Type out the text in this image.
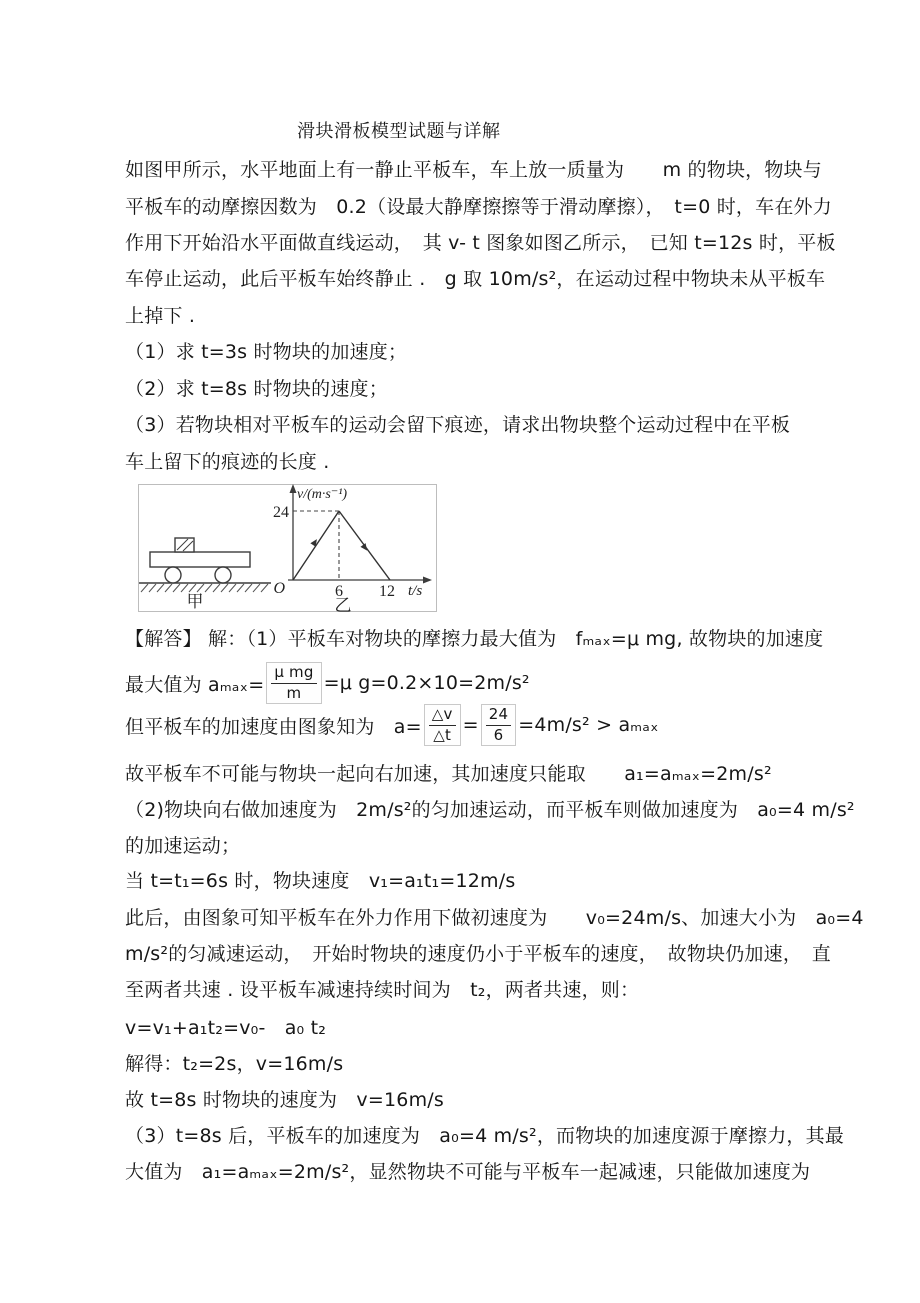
滑块滑板模型试题与详解
如图甲所示，水平地面上有一静止平板车，车上放一质量为　　m 的物块，物块与
平板车的动摩擦因数为　0.2（设最大静摩擦擦等于滑动摩擦），　t=0 时，车在外力
作用下开始沿水平面做直线运动，　其 v- t 图象如图乙所示，　已知 t=12s 时，平板
车停止运动，此后平板车始终静止 .　g 取 10m/s²，在运动过程中物块未从平板车
上掉下 .
（1）求 t=3s 时物块的加速度；
（2）求 t=8s 时物块的速度；
（3）若物块相对平板车的运动会留下痕迹，请求出物块整个运动过程中在平板
车上留下的痕迹的长度 .
甲
v/(m·s⁻¹)
24
O	6 12 t/s
乙
【解答】 解：（1）平板车对物块的摩擦力最大值为　fₘₐₓ=μ mg, 故物块的加速度
最大值为 $a_{max}= \frac{\text{μ mg}}{m} =\mu$ g=0.2×10=2m/s²
但平板车的加速度由图象知为　$a= \frac{\triangle v}{\triangle t} = \frac{24}{6} =4m/s^2 > a_{max}$
故平板车不可能与物块一起向右加速，其加速度只能取　　a₁=aₘₐₓ=2m/s²
（2)物块向右做加速度为　2m/s²的匀加速运动，而平板车则做加速度为　a₀=4 m/s²
的加速运动；
当 t=t₁=6s 时，物块速度　v₁=a₁t₁=12m/s
此后，由图象可知平板车在外力作用下做初速度为　　v₀=24m/s、加速大小为　a₀=4
m/s²的匀减速运动，　开始时物块的速度仍小于平板车的速度，　故物块仍加速，　直
至两者共速 . 设平板车减速持续时间为　t₂，两者共速，则：
v=v₁+a₁t₂=v₀-　a₀ t₂
解得：t₂=2s，v=16m/s
故 t=8s 时物块的速度为　v=16m/s
（3）t=8s 后，平板车的加速度为　a₀=4 m/s²，而物块的加速度源于摩擦力，其最
大值为　a₁=aₘₐₓ=2m/s²，显然物块不可能与平板车一起减速，只能做加速度为
